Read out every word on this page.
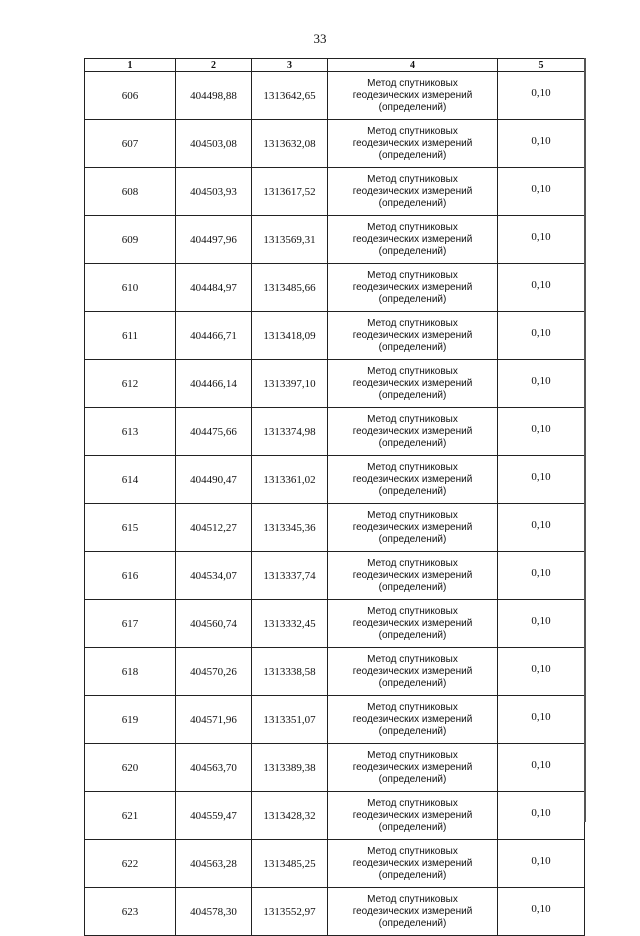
33
1	2	3	4	5
606	404498,88	1313642,65	Метод спутниковых
геодезических измерений
(определений)	0,10
607	404503,08	1313632,08	Метод спутниковых
геодезических измерений
(определений)	0,10
608	404503,93	1313617,52	Метод спутниковых
геодезических измерений
(определений)	0,10
609	404497,96	1313569,31	Метод спутниковых
геодезических измерений
(определений)	0,10
610	404484,97	1313485,66	Метод спутниковых
геодезических измерений
(определений)	0,10
611	404466,71	1313418,09	Метод спутниковых
геодезических измерений
(определений)	0,10
612	404466,14	1313397,10	Метод спутниковых
геодезических измерений
(определений)	0,10
613	404475,66	1313374,98	Метод спутниковых
геодезических измерений
(определений)	0,10
614	404490,47	1313361,02	Метод спутниковых
геодезических измерений
(определений)	0,10
615	404512,27	1313345,36	Метод спутниковых
геодезических измерений
(определений)	0,10
616	404534,07	1313337,74	Метод спутниковых
геодезических измерений
(определений)	0,10
617	404560,74	1313332,45	Метод спутниковых
геодезических измерений
(определений)	0,10
618	404570,26	1313338,58	Метод спутниковых
геодезических измерений
(определений)	0,10
619	404571,96	1313351,07	Метод спутниковых
геодезических измерений
(определений)	0,10
620	404563,70	1313389,38	Метод спутниковых
геодезических измерений
(определений)	0,10
621	404559,47	1313428,32	Метод спутниковых
геодезических измерений
(определений)	0,10
622	404563,28	1313485,25	Метод спутниковых
геодезических измерений
(определений)	0,10
623	404578,30	1313552,97	Метод спутниковых
геодезических измерений
(определений)	0,10
